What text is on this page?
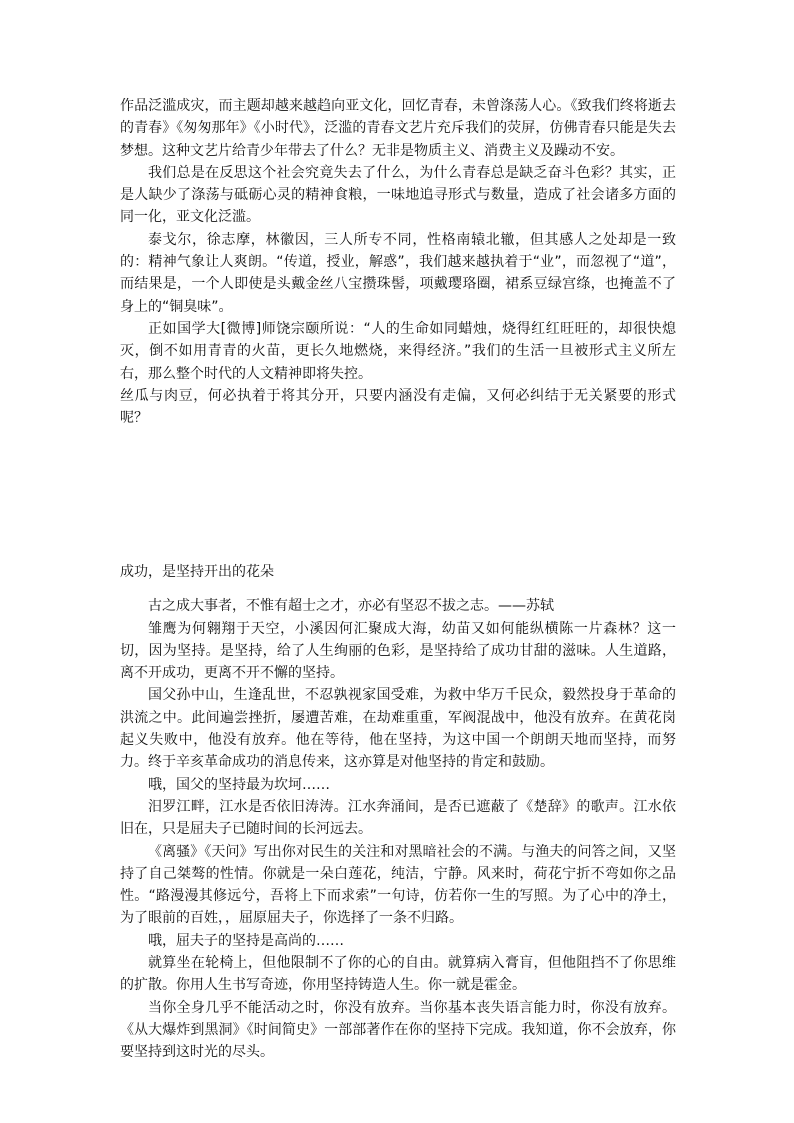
作品泛滥成灾，而主题却越来越趋向亚文化，回忆青春，未曾涤荡人心。《致我们终将逝去的青春》《匆匆那年》《小时代》，泛滥的青春文艺片充斥我们的荧屏，仿佛青春只能是失去梦想。这种文艺片给青少年带去了什么？无非是物质主义、消费主义及躁动不安。

我们总是在反思这个社会究竟失去了什么，为什么青春总是缺乏奋斗色彩？其实，正是人缺少了涤荡与砥砺心灵的精神食粮，一味地追寻形式与数量，造成了社会诸多方面的同一化，亚文化泛滥。

泰戈尔，徐志摩，林徽因，三人所专不同，性格南辕北辙，但其感人之处却是一致的：精神气象让人爽朗。“传道，授业，解惑”，我们越来越执着于“业”，而忽视了“道”，而结果是，一个人即使是头戴金丝八宝攒珠髻，项戴璎珞圈，裙系豆绿宫绦，也掩盖不了身上的“铜臭味”。

正如国学大[微博]师饶宗颐所说：“人的生命如同蜡烛，烧得红红旺旺的，却很快熄灭，倒不如用青青的火苗，更长久地燃烧，来得经济。”我们的生活一旦被形式主义所左右，那么整个时代的人文精神即将失控。

丝瓜与肉豆，何必执着于将其分开，只要内涵没有走偏，又何必纠结于无关紧要的形式呢？

成功，是坚持开出的花朵

古之成大事者，不惟有超士之才，亦必有坚忍不拔之志。——苏轼

雏鹰为何翱翔于天空，小溪因何汇聚成大海，幼苗又如何能纵横陈一片森林？这一切，因为坚持。是坚持，给了人生绚丽的色彩，是坚持给了成功甘甜的滋味。人生道路，离不开成功，更离不开不懈的坚持。

国父孙中山，生逢乱世，不忍孰视家国受难，为救中华万千民众，毅然投身于革命的洪流之中。此间遍尝挫折，屡遭苦难，在劫难重重，军阀混战中，他没有放弃。在黄花岗起义失败中，他没有放弃。他在等待，他在坚持，为这中国一个朗朗天地而坚持，而努力。终于辛亥革命成功的消息传来，这亦算是对他坚持的肯定和鼓励。

哦，国父的坚持最为坎坷……

汨罗江畔，江水是否依旧涛涛。江水奔涌间，是否已遮蔽了《楚辞》的歌声。江水依旧在，只是屈夫子已随时间的长河远去。

《离骚》《天问》写出你对民生的关注和对黑暗社会的不满。与渔夫的问答之间，又坚持了自己桀骜的性情。你就是一朵白莲花，纯洁，宁静。风来时，荷花宁折不弯如你之品性。“路漫漫其修远兮，吾将上下而求索”一句诗，仿若你一生的写照。为了心中的净土，为了眼前的百姓，，屈原屈夫子，你选择了一条不归路。

哦，屈夫子的坚持是高尚的……

就算坐在轮椅上，但他限制不了你的心的自由。就算病入膏肓，但他阻挡不了你思维的扩散。你用人生书写奇迹，你用坚持铸造人生。你一就是霍金。

当你全身几乎不能活动之时，你没有放弃。当你基本丧失语言能力时，你没有放弃。《从大爆炸到黑洞》《时间简史》一部部著作在你的坚持下完成。我知道，你不会放弃，你要坚持到这时光的尽头。
